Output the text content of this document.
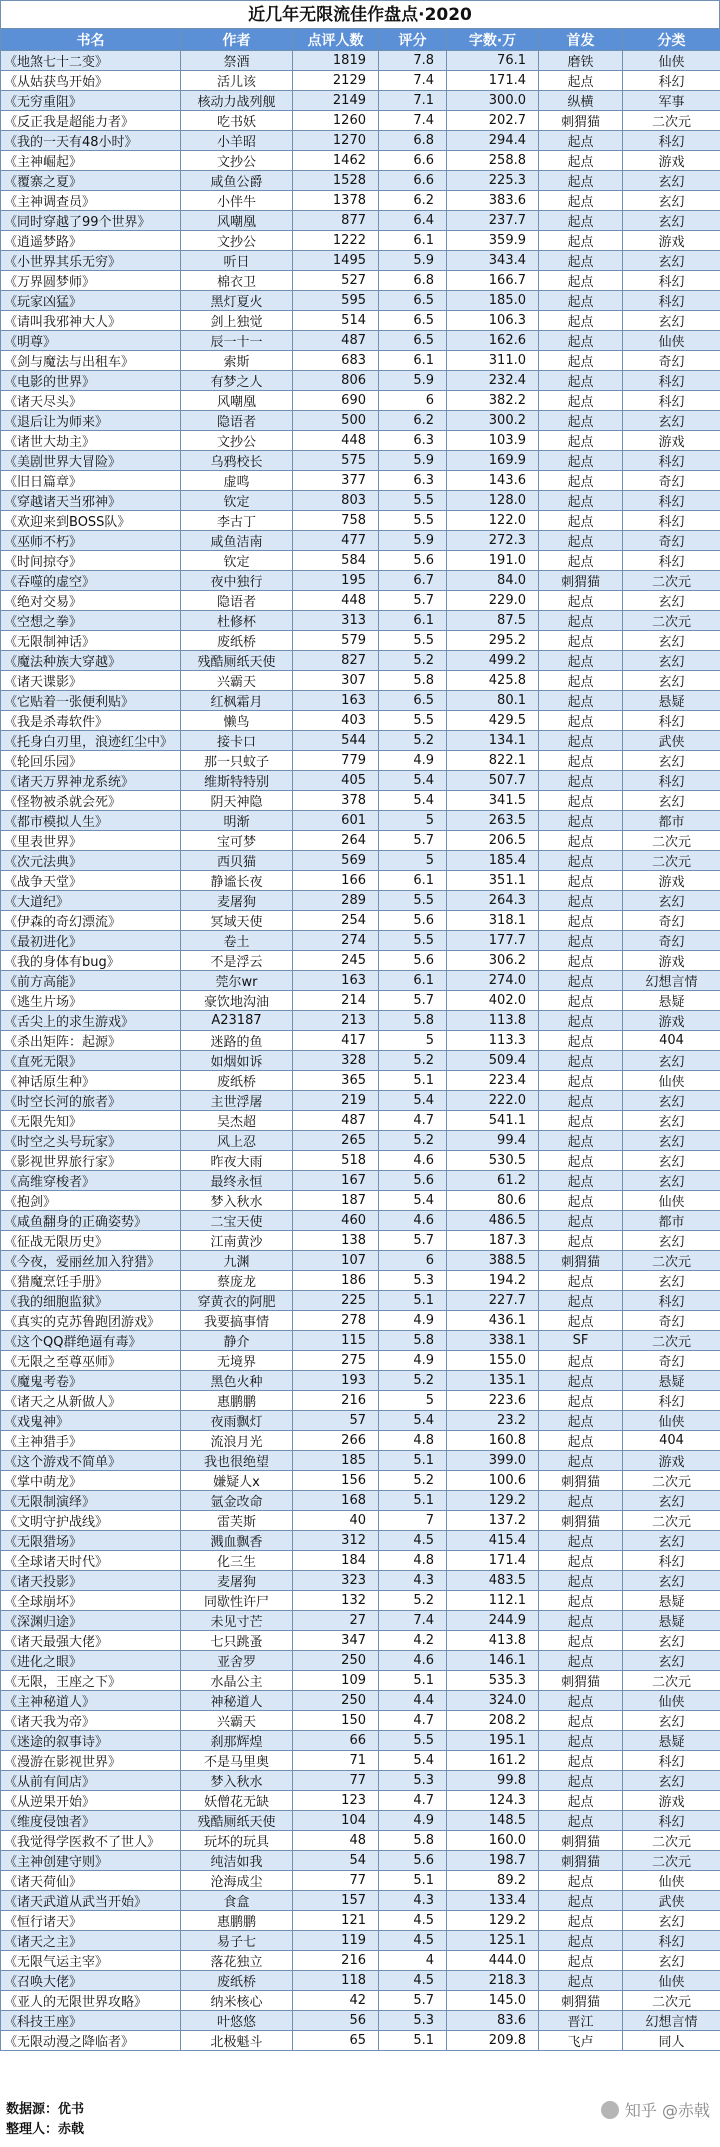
近几年无限流佳作盘点·2020
书名	作者	点评人数	评分	字数·万	首发	分类
《地煞七十二变》	祭酒	1819	7.8	76.1	磨铁	仙侠
《从姑获鸟开始》	活儿该	2129	7.4	171.4	起点	科幻
《无穷重阻》	核动力战列舰	2149	7.1	300.0	纵横	军事
《反正我是超能力者》	吃书妖	1260	7.4	202.7	刺猬猫	二次元
《我的一天有48小时》	小羊昭	1270	6.8	294.4	起点	科幻
《主神崛起》	文抄公	1462	6.6	258.8	起点	游戏
《覆寨之夏》	咸鱼公爵	1528	6.6	225.3	起点	玄幻
《主神调查员》	小伴牛	1378	6.2	383.6	起点	玄幻
《同时穿越了99个世界》	风嘲凰	877	6.4	237.7	起点	玄幻
《逍遥梦路》	文抄公	1222	6.1	359.9	起点	游戏
《小世界其乐无穷》	听日	1495	5.9	343.4	起点	玄幻
《万界圆梦师》	棉衣卫	527	6.8	166.7	起点	科幻
《玩家凶猛》	黑灯夏火	595	6.5	185.0	起点	科幻
《请叫我邪神大人》	剑上独觉	514	6.5	106.3	起点	玄幻
《明尊》	辰一十一	487	6.5	162.6	起点	仙侠
《剑与魔法与出租车》	索斯	683	6.1	311.0	起点	奇幻
《电影的世界》	有梦之人	806	5.9	232.4	起点	科幻
《诸天尽头》	风嘲凰	690	6	382.2	起点	科幻
《退后让为师来》	隐语者	500	6.2	300.2	起点	玄幻
《诸世大劫主》	文抄公	448	6.3	103.9	起点	游戏
《美剧世界大冒险》	乌鸦校长	575	5.9	169.9	起点	科幻
《旧日篇章》	虚鸣	377	6.3	143.6	起点	奇幻
《穿越诸天当邪神》	钦定	803	5.5	128.0	起点	科幻
《欢迎来到BOSS队》	李古丁	758	5.5	122.0	起点	科幻
《巫师不朽》	咸鱼洁南	477	5.9	272.3	起点	奇幻
《时间掠夺》	钦定	584	5.6	191.0	起点	科幻
《吞噬的虚空》	夜中独行	195	6.7	84.0	刺猬猫	二次元
《绝对交易》	隐语者	448	5.7	229.0	起点	玄幻
《空想之拳》	杜修杯	313	6.1	87.5	起点	二次元
《无限制神话》	废纸桥	579	5.5	295.2	起点	玄幻
《魔法种族大穿越》	残酷厕纸天使	827	5.2	499.2	起点	玄幻
《诸天谍影》	兴霸天	307	5.8	425.8	起点	玄幻
《它贴着一张便利贴》	红枫霜月	163	6.5	80.1	起点	悬疑
《我是杀毒软件》	懒鸟	403	5.5	429.5	起点	科幻
《托身白刃里，浪迹红尘中》	接卡口	544	5.2	134.1	起点	武侠
《轮回乐园》	那一只蚊子	779	4.9	822.1	起点	玄幻
《诸天万界神龙系统》	维斯特特别	405	5.4	507.7	起点	科幻
《怪物被杀就会死》	阴天神隐	378	5.4	341.5	起点	玄幻
《都市模拟人生》	明渐	601	5	263.5	起点	都市
《里表世界》	宝可梦	264	5.7	206.5	起点	二次元
《次元法典》	西贝猫	569	5	185.4	起点	二次元
《战争天堂》	静谧长夜	166	6.1	351.1	起点	游戏
《大道纪》	麦屠狗	289	5.5	264.3	起点	玄幻
《伊森的奇幻漂流》	冥域天使	254	5.6	318.1	起点	奇幻
《最初进化》	卷土	274	5.5	177.7	起点	奇幻
《我的身体有bug》	不是浮云	245	5.6	306.2	起点	游戏
《前方高能》	莞尔wr	163	6.1	274.0	起点	幻想言情
《逃生片场》	豪饮地沟油	214	5.7	402.0	起点	悬疑
《舌尖上的求生游戏》	A23187	213	5.8	113.8	起点	游戏
《杀出矩阵：起源》	迷路的鱼	417	5	113.3	起点	404
《直死无限》	如烟如诉	328	5.2	509.4	起点	玄幻
《神话原生种》	废纸桥	365	5.1	223.4	起点	仙侠
《时空长河的旅者》	主世浮屠	219	5.4	222.0	起点	玄幻
《无限先知》	吴杰超	487	4.7	541.1	起点	玄幻
《时空之头号玩家》	风上忍	265	5.2	99.4	起点	玄幻
《影视世界旅行家》	昨夜大雨	518	4.6	530.5	起点	玄幻
《高维穿梭者》	最终永恒	167	5.6	61.2	起点	玄幻
《抱剑》	梦入秋水	187	5.4	80.6	起点	仙侠
《咸鱼翻身的正确姿势》	二宝天使	460	4.6	486.5	起点	都市
《征战无限历史》	江南黄沙	138	5.7	187.3	起点	玄幻
《今夜，爱丽丝加入狩猎》	九渊	107	6	388.5	刺猬猫	二次元
《猎魔烹饪手册》	蔡庞龙	186	5.3	194.2	起点	玄幻
《我的细胞监狱》	穿黄衣的阿肥	225	5.1	227.7	起点	科幻
《真实的克苏鲁跑团游戏》	我要搞事情	278	4.9	436.1	起点	奇幻
《这个QQ群绝逼有毒》	静介	115	5.8	338.1	SF	二次元
《无限之至尊巫师》	无境界	275	4.9	155.0	起点	奇幻
《魔鬼考卷》	黑色火种	193	5.2	135.1	起点	悬疑
《诸天之从新做人》	惠鹏鹏	216	5	223.6	起点	科幻
《戏鬼神》	夜雨飘灯	57	5.4	23.2	起点	仙侠
《主神猎手》	流浪月光	266	4.8	160.8	起点	404
《这个游戏不简单》	我也很绝望	185	5.1	399.0	起点	游戏
《掌中萌龙》	嫌疑人x	156	5.2	100.6	刺猬猫	二次元
《无限制演绎》	氩金改命	168	5.1	129.2	起点	玄幻
《文明守护战线》	雷芙斯	40	7	137.2	刺猬猫	二次元
《无限猎场》	溅血飘香	312	4.5	415.4	起点	玄幻
《全球诸天时代》	化三生	184	4.8	171.4	起点	科幻
《诸天投影》	麦屠狗	323	4.3	483.5	起点	玄幻
《全球崩坏》	同歇性许尸	132	5.2	112.1	起点	悬疑
《深渊归途》	未见寸芒	27	7.4	244.9	起点	悬疑
《诸天最强大佬》	七只跳蚤	347	4.2	413.8	起点	玄幻
《进化之眼》	亚舍罗	250	4.6	146.1	起点	玄幻
《无限，王座之下》	水晶公主	109	5.1	535.3	刺猬猫	二次元
《主神秘道人》	神秘道人	250	4.4	324.0	起点	仙侠
《诸天我为帝》	兴霸天	150	4.7	208.2	起点	玄幻
《迷途的叙事诗》	刹那辉煌	66	5.5	195.1	起点	悬疑
《漫游在影视世界》	不是马里奥	71	5.4	161.2	起点	科幻
《从前有间店》	梦入秋水	77	5.3	99.8	起点	玄幻
《从逆果开始》	妖僧花无缺	123	4.7	124.3	起点	游戏
《维度侵蚀者》	残酷厕纸天使	104	4.9	148.5	起点	科幻
《我觉得学医救不了世人》	玩坏的玩具	48	5.8	160.0	刺猬猫	二次元
《主神创建守则》	纯洁如我	54	5.6	198.7	刺猬猫	二次元
《诸天荷仙》	沧海成尘	77	5.1	89.2	起点	仙侠
《诸天武道从武当开始》	食盒	157	4.3	133.4	起点	武侠
《恒行诸天》	惠鹏鹏	121	4.5	129.2	起点	玄幻
《诸天之主》	易子七	119	4.5	125.1	起点	科幻
《无限气运主宰》	落花独立	216	4	444.0	起点	玄幻
《召唤大佬》	废纸桥	118	4.5	218.3	起点	仙侠
《亚人的无限世界攻略》	纳米核心	42	5.7	145.0	刺猬猫	二次元
《科技王座》	叶悠悠	56	5.3	83.6	晋江	幻想言情
《无限动漫之降临者》	北极魁斗	65	5.1	209.8	飞卢	同人
数据源：优书
整理人：赤戟
知乎 @赤戟
